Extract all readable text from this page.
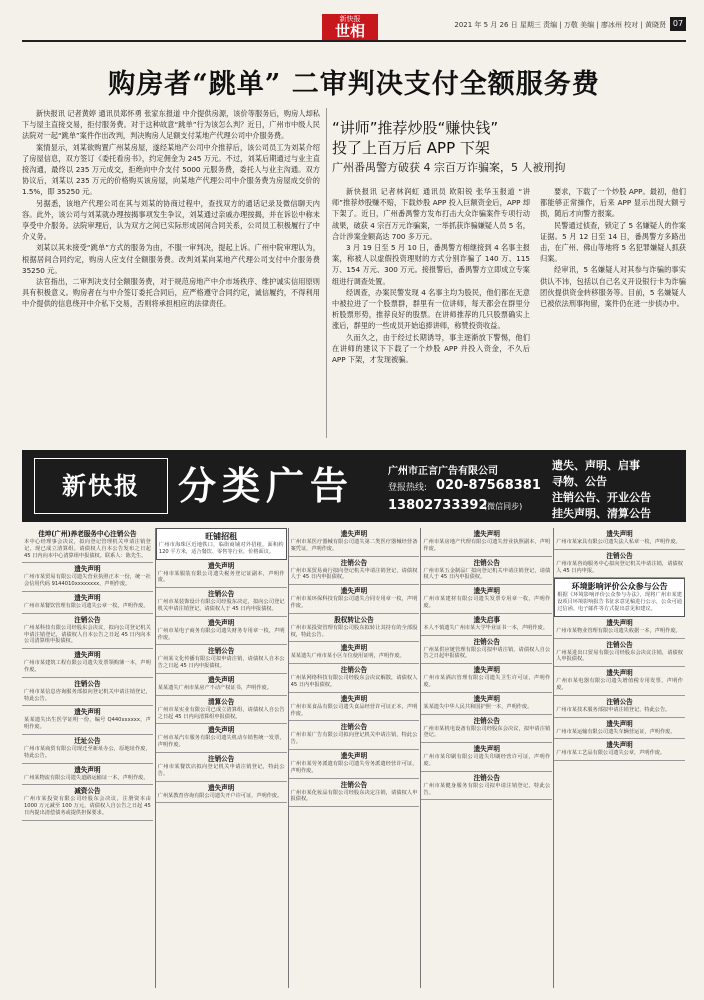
新快报
世相	2021 年 5 月 26 日 星期三 责编 | 万敬 美编 | 廖冰州 校对 | 黄晓贤 07
购房者“跳单” 二审判决支付全额服务费

新快报讯 记者黄婷 通讯员郑怀勇 张家东报道 中介提供房源，该价等服务后，购房人却私下与屋主直接交易，拒付服务费。对于这种故意“跳单”行为该怎么判？近日，广州市中级人民法院对一起“跳单”案件作出改判，判决购房人足额支付某地产代理公司中介服务费。

案情显示，刘某欲购置广州某房屋，遂经某地产公司中介推荐后，该公司员工为刘某介绍了房屋信息，双方签订《委托看房书》，约定佣金为 245 万元。不过，刘某后期通过与业主直接沟通，最终以 235 万元成交，拒绝向中介支付 5000 元服务费，委托人与业主沟通。双方协议后，刘某以 235 万元的价格购买该房屋，向某地产代理公司中介服务费为房屋成交价的 1.5%，即 35250 元。

另据悉，该地产代理公司在其与刘某的协商过程中，查找双方的通话记录及微信聊天内容。此外，该公司与刘某就办理按揭事项发生争议，刘某通过亲戚办理按揭，并在诉讼中称未享受中介服务。法院审理后，认为双方之间已实际形成居间合同关系，公司员工积极履行了中介义务。

刘某以其未接受“跳单”方式的服务为由，不服一审判决，提起上诉。广州中院审理认为，根据居间合同约定，购房人应支付全额服务费。改判刘某向某地产代理公司支付中介服务费 35250 元。

法官指出，二审判决支付全额服务费，对于规范房地产中介市场秩序、维护诚实信用原则具有积极意义。购房者在与中介签订委托合同后，应严格遵守合同约定，诚信履约，不得利用中介提供的信息绕开中介私下交易，否则将承担相应的法律责任。

“讲师”推荐炒股“赚快钱”

投了上百万后 APP 下架

广州番禺警方破获 4 宗百万诈骗案，5 人被刑拘

新快报讯 记者林润虹 通讯员 欧阳锐 张华玉报道 “讲师”推荐炒股赚不赔，下载炒股 APP 投入巨额资金后，APP 却下架了。近日，广州番禺警方发布打击大众诈骗案件专项行动战果，破获 4 宗百万元诈骗案，一举抓获诈骗嫌疑人员 5 名，合计涉案金额高达 700 多万元。

3 月 19 日至 5 月 10 日，番禺警方相继接到 4 名事主报案，称被人以虚假投资理财的方式分别诈骗了 140 万、115 万、154 万元、300 万元。接报警后，番禺警方立即成立专案组进行调查处置。

经调查，办案民警发现 4 名事主均为股民，他们都在无意中被拉进了一个股票群，群里有一位讲师，每天都会在群里分析股票形势，推荐良好的股票。在讲师推荐的几只股票确实上涨后，群里的一些成员开始追捧讲师，称赞投资收益。

久而久之，由于经过长期诱导，事主逐渐放下警惕，他们在讲师的建议下下载了一个炒股 APP 并投入资金，不久后 APP 下架，才发现被骗。

要求，下载了一个炒股 APP。最初，他们都能够正常操作，后来 APP 显示出现大额亏损，随后才向警方报案。

民警通过侦查，锁定了 5 名嫌疑人的作案证据。5 月 12 日至 14 日，番禺警方多路出击，在广州、佛山等地将 5 名犯罪嫌疑人抓获归案。

经审讯，5 名嫌疑人对其参与诈骗的事实供认不讳，包括以自己名义开设银行卡为诈骗团伙提供资金转移服务等。目前，5 名嫌疑人已被依法刑事拘留，案件仍在进一步侦办中。

新快报	分类广告	广州市正言广告有限公司
登报热线: 020-87568381
13802733392
(微信同步)
遗失、声明、启事
寻物、公告
注销公告、开业公告
挂失声明、清算公告
佳坤(广州)养老服务中心注销公告
本中心经理事会决议，拟向登记管理机关申请注销登记，现已成立清算组。请债权人自本公告发布之日起 45 日内向本中心清算组申报债权。联系人：陈先生。
遗失声明
广州市某贸易有限公司遗失营业执照正本一份，统一社会信用代码 9144010xxxxxxxx，声明作废。
遗失声明
广州市某餐饮管理有限公司遗失公章一枚，声明作废。
注销公告
广州某科技有限公司经股东会决议，拟向公司登记机关申请注销登记，请债权人自本公告之日起 45 日内向本公司清算组申报债权。
遗失声明
广州市某建筑工程有限公司遗失发票领购簿一本，声明作废。
注销公告
广州市某信息咨询服务部拟向登记机关申请注销登记，特此公告。
遗失声明
某某遗失出生医学证明一份，编号 Q440xxxxxx，声明作废。
迁址公告
广州市某商贸有限公司现迁至新址办公，原地址作废，特此公告。
遗失声明
广州某物流有限公司遗失道路运输证一本，声明作废。
减资公告
广州市某投资有限公司经股东会决议，注册资本由 1000 万元减至 100 万元，请债权人自公告之日起 45 日内提出清偿债务或提供担保要求。
旺铺招租
广州市海珠区近地铁口，临街商铺对外招租，面积约 120 平方米，适合餐饮、零售等行业，价格面议。
遗失声明
广州市某服装有限公司遗失税务登记证副本，声明作废。
注销公告
广州市某装饰设计有限公司经股东决定，拟向公司登记机关申请注销登记，请债权人于 45 日内申报债权。
遗失声明
广州市某电子商务有限公司遗失财务专用章一枚，声明作废。
注销公告
广州某文化传播有限公司拟申请注销，请债权人自本公告之日起 45 日内申报债权。
遗失声明
某某遗失广州市某房产不动产权证书，声明作废。
清算公告
广州市某实业有限公司已成立清算组，请债权人自公告之日起 45 日内向清算组申报债权。
遗失声明
广州市某汽车服务有限公司遗失机动车销售统一发票，声明作废。
注销公告
广州市某餐饮店拟向登记机关申请注销登记，特此公告。
遗失声明
广州某教育咨询有限公司遗失开户许可证，声明作废。
遗失声明
广州市某医疗器械有限公司遗失第二类医疗器械经营备案凭证，声明作废。
注销公告
广州市某贸易商行拟向登记机关申请注销登记，请债权人于 45 日内申报债权。
遗失声明
广州市某环保科技有限公司遗失合同专用章一枚，声明作废。
股权转让公告
广州市某投资管理有限公司股东拟转让其持有的全部股权，特此公告。
遗失声明
某某遗失广州市某小区车位使用证明，声明作废。
注销公告
广州某网络科技有限公司经股东会决议解散，请债权人 45 日内申报债权。
遗失声明
广州市某食品有限公司遗失食品经营许可证正本，声明作废。
注销公告
广州市某广告有限公司拟向登记机关申请注销，特此公告。
遗失声明
广州市某劳务派遣有限公司遗失劳务派遣经营许可证，声明作废。
注销公告
广州市某化妆品有限公司经股东决定注销，请债权人申报债权。
遗失声明
广州市某房地产代理有限公司遗失营业执照副本，声明作废。
注销公告
广州市某五金制品厂拟向登记机关申请注销登记，请债权人于 45 日内申报债权。
遗失声明
广州市某建材有限公司遗失发票专用章一枚，声明作废。
遗失启事
本人不慎遗失广州市某大学毕业证书一本，声明作废。
注销公告
广州某供应链管理有限公司拟申请注销，请债权人自公告之日起申报债权。
遗失声明
广州市某酒店管理有限公司遗失卫生许可证，声明作废。
遗失声明
某某遗失中华人民共和国护照一本，声明作废。
注销公告
广州市某机电设备有限公司经股东会决议，拟申请注销登记。
遗失声明
广州市某印刷有限公司遗失印刷经营许可证，声明作废。
注销公告
广州市某健身服务有限公司拟申请注销登记，特此公告。
遗失声明
广州市某家具有限公司遗失法人私章一枚，声明作废。
注销公告
广州市某咨询服务中心拟向登记机关申请注销，请债权人 45 日内申报。
环境影响评价公众参与公告
根据《环境影响评价公众参与办法》，现将广州市某建设项目环境影响报告书征求意见稿进行公示，公众可通过信函、电子邮件等方式提出意见和建议。
遗失声明
广州市某物业管理有限公司遗失收据一本，声明作废。
注销公告
广州某进出口贸易有限公司经股东会决议注销，请债权人申报债权。
遗失声明
广州市某电器有限公司遗失增值税专用发票，声明作废。
注销公告
广州市某技术服务部拟申请注销登记，特此公告。
遗失声明
广州市某运输有限公司遗失车辆营运证，声明作废。
遗失声明
广州市某工艺品有限公司遗失公章，声明作废。
